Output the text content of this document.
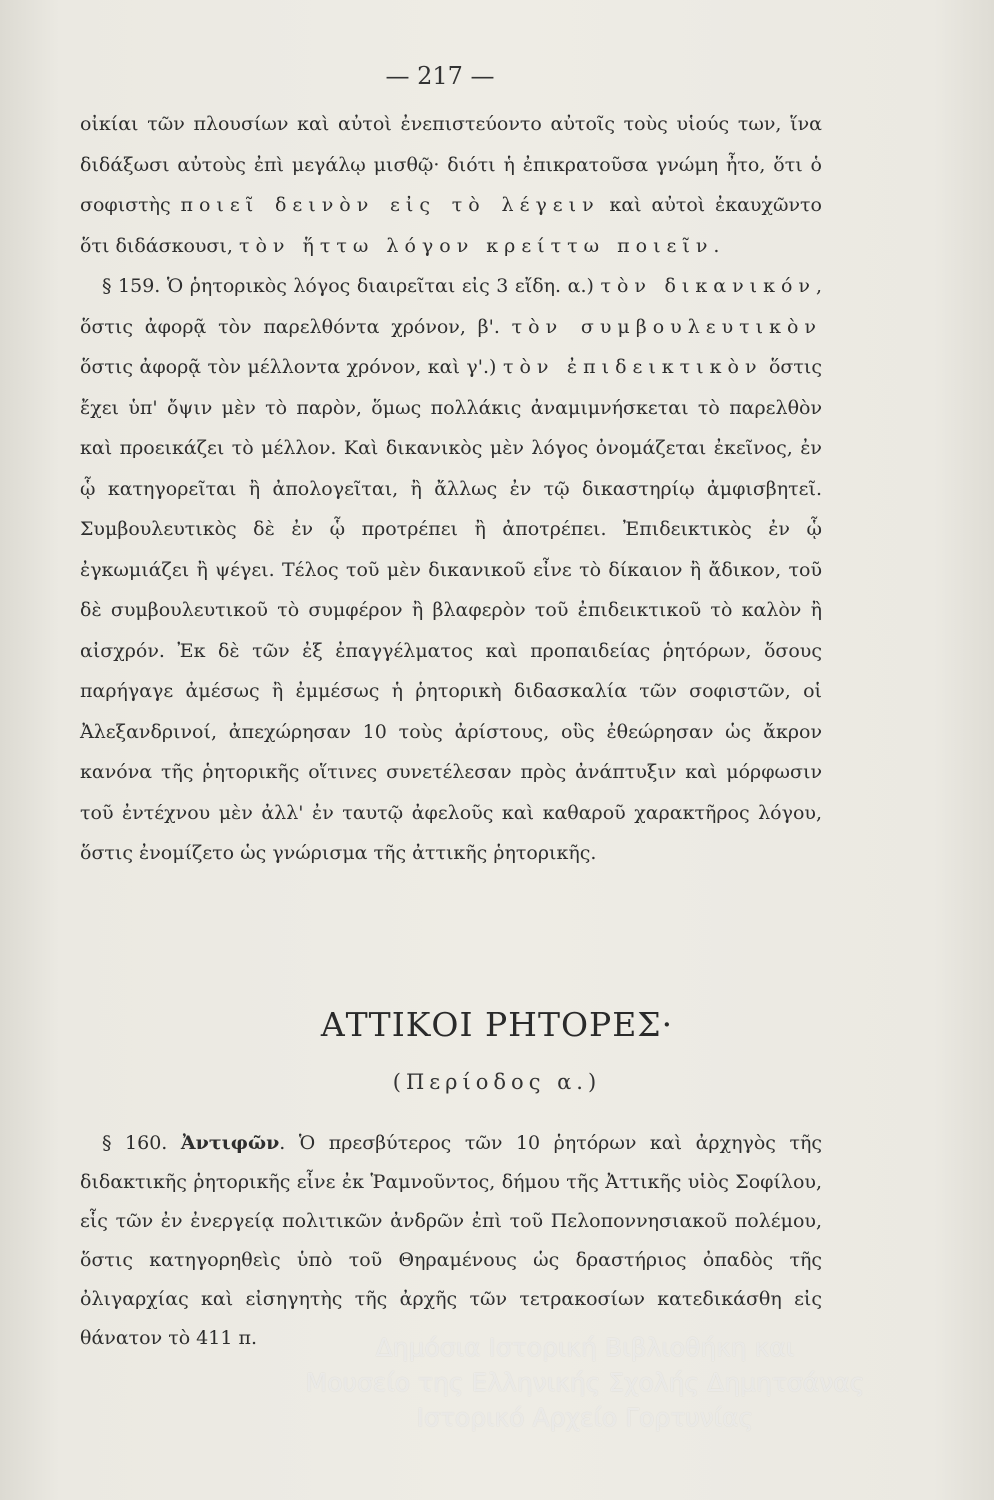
— 217 —

οἰκίαι τῶν πλουσίων καὶ αὐτοὶ ἐνεπιστεύοντο αὐτοῖς τοὺς υἱούς των, ἵνα διδάξωσι αὐτοὺς ἐπὶ μεγάλῳ μισθῷ· διότι ἡ ἐπικρατοῦσα γνώμη ἦτο, ὅτι ὁ σοφιστὴς ποιεῖ δεινὸν εἰς τὸ λέγειν καὶ αὐτοὶ ἐκαυχῶντο ὅτι διδάσκουσι, τὸν ἥττω λόγον κρείττω ποιεῖν.

§ 159. Ὁ ῥητορικὸς λόγος διαιρεῖται εἰς 3 εἴδη. α.) τὸν δικανικόν, ὅστις ἀφορᾷ τὸν παρελθόντα χρόνον, β'. τὸν συμβουλευτικὸν ὅστις ἀφορᾷ τὸν μέλλοντα χρόνον, καὶ γ'.) τὸν ἐπιδεικτικὸν ὅστις ἔχει ὑπ' ὄψιν μὲν τὸ παρὸν, ὅμως πολλάκις ἀναμιμνήσκεται τὸ παρελθὸν καὶ προεικάζει τὸ μέλλον. Καὶ δικανικὸς μὲν λόγος ὀνομάζεται ἐκεῖνος, ἐν ᾧ κατηγορεῖται ἢ ἀπολογεῖται, ἢ ἄλλως ἐν τῷ δικαστηρίῳ ἀμφισβητεῖ. Συμβουλευτικὸς δὲ ἐν ᾧ προτρέπει ἢ ἀποτρέπει. Ἐπιδεικτικὸς ἐν ᾧ ἐγκωμιάζει ἢ ψέγει. Τέλος τοῦ μὲν δικανικοῦ εἶνε τὸ δίκαιον ἢ ἄδικον, τοῦ δὲ συμβουλευτικοῦ τὸ συμφέρον ἢ βλαφερὸν τοῦ ἐπιδεικτικοῦ τὸ καλὸν ἢ αἰσχρόν. Ἐκ δὲ τῶν ἐξ ἐπαγγέλματος καὶ προπαιδείας ῥητόρων, ὅσους παρήγαγε ἀμέσως ἢ ἐμμέσως ἡ ῥητορικὴ διδασκαλία τῶν σοφιστῶν, οἱ Ἀλεξανδρινοί, ἀπεχώρησαν 10 τοὺς ἀρίστους, οὓς ἐθεώρησαν ὡς ἄκρον κανόνα τῆς ῥητορικῆς οἵτινες συνετέλεσαν πρὸς ἀνάπτυξιν καὶ μόρφωσιν τοῦ ἐντέχνου μὲν ἀλλ' ἐν ταυτῷ ἀφελοῦς καὶ καθαροῦ χαρακτῆρος λόγου, ὅστις ἐνομίζετο ὡς γνώρισμα τῆς ἀττικῆς ῥητορικῆς.

ΑΤΤΙΚΟΙ ΡΗΤΟΡΕΣ·
(Περίοδος α.)

§ 160. Ἀντιφῶν. Ὁ πρεσβύτερος τῶν 10 ῥητόρων καὶ ἀρχηγὸς τῆς διδακτικῆς ῥητορικῆς εἶνε ἐκ Ῥαμνοῦντος, δήμου τῆς Ἀττικῆς υἱὸς Σοφίλου, εἷς τῶν ἐν ἐνεργείᾳ πολιτικῶν ἀνδρῶν ἐπὶ τοῦ Πελοποννησιακοῦ πολέμου, ὅστις κατηγορηθεὶς ὑπὸ τοῦ Θηραμένους ὡς δραστήριος ὀπαδὸς τῆς ὀλιγαρχίας καὶ εἰσηγητὴς τῆς ἀρχῆς τῶν τετρακοσίων κατεδικάσθη εἰς θάνατον τὸ 411 π.	Δημόσια Ιστορική Βιβλιοθήκη και
Μουσείο της Ελληνικής Σχολής Δημητσάνας
Ιστορικό Αρχείο Γορτυνίας
